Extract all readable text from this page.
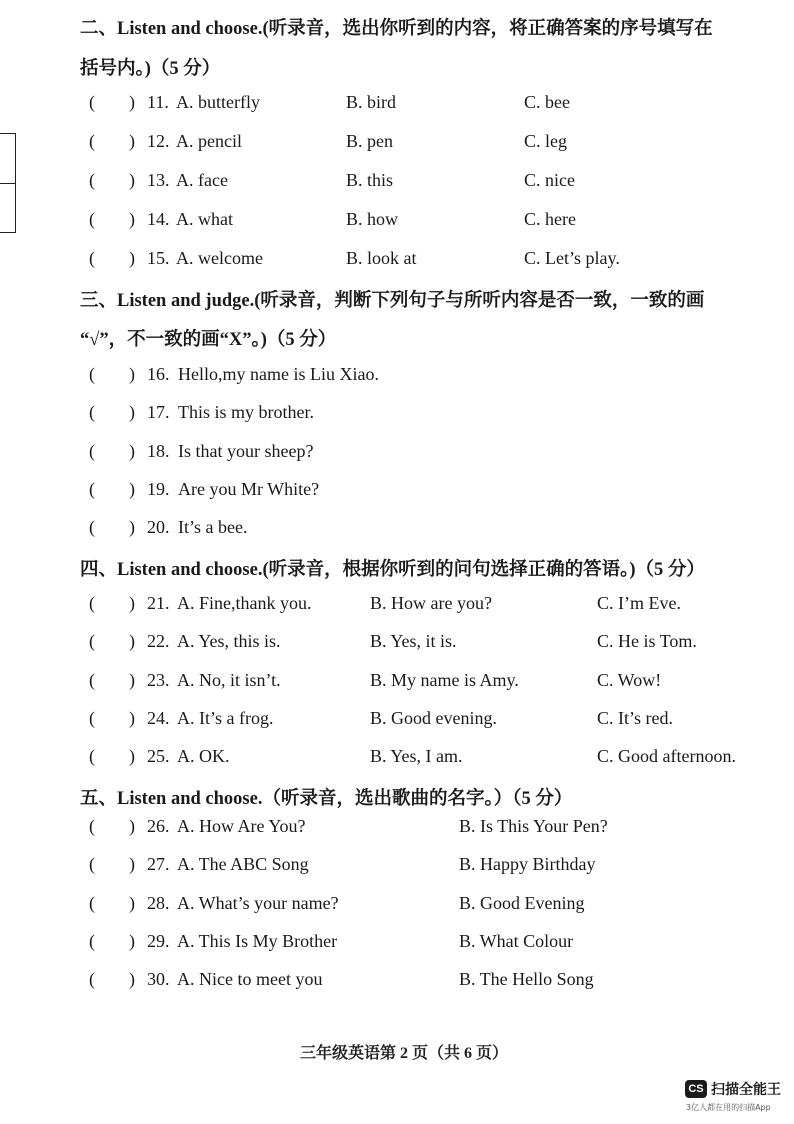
二、Listen and choose.(听录音，选出你听到的内容，将正确答案的序号填写在
括号内。)（5 分）
( ) 11. A. butterfly	B. bird	C. bee
( ) 12. A. pencil	B. pen	C. leg
( ) 13. A. face	B. this	C. nice
( ) 14. A. what	B. how	C. here
( ) 15. A. welcome	B. look at	C. Let’s play.
三、Listen and judge.(听录音，判断下列句子与所听内容是否一致，一致的画
“√”，不一致的画“X”。)（5 分）
( ) 16. Hello,my name is Liu Xiao.
( ) 17. This is my brother.
( ) 18. Is that your sheep?
( ) 19. Are you Mr White?
( ) 20. It’s a bee.
四、Listen and choose.(听录音，根据你听到的问句选择正确的答语。)（5 分）
( ) 21. A. Fine,thank you.	B. How are you?	C. I’m Eve.
( ) 22. A. Yes, this is.	B. Yes, it is.	C. He is Tom.
( ) 23. A. No, it isn’t.	B. My name is Amy.	C. Wow!
( ) 24. A. It’s a frog.	B. Good evening.	C. It’s red.
( ) 25. A. OK.	B. Yes, I am.	C. Good afternoon.
五、Listen and choose.（听录音，选出歌曲的名字。）（5 分）
( ) 26. A. How Are You?	B. Is This Your Pen?
( ) 27. A. The ABC Song	B. Happy Birthday
( ) 28. A. What’s your name?	B. Good Evening
( ) 29. A. This Is My Brother	B. What Colour
( ) 30. A. Nice to meet you	B. The Hello Song
三年级英语第 2 页（共 6 页）
CS 扫描全能王
3亿人都在用的扫描App
